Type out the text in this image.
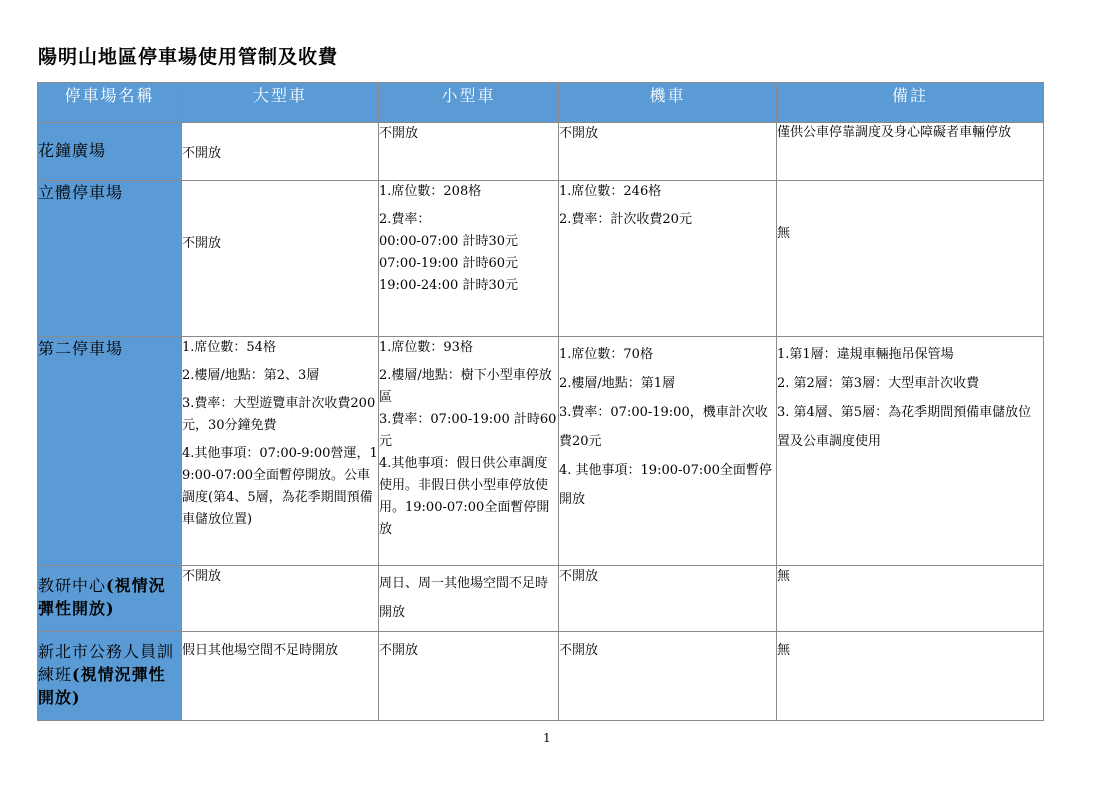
陽明山地區停車場使用管制及收費
停車場名稱	大型車	小型車	機車	備註
花鐘廣場	不開放	不開放	不開放	僅供公車停靠調度及身心障礙者車輛停放

立體停車場	不開放	1.席位數：208格
2.費率：
00:00-07:00 計時30元
07:00-19:00 計時60元
19:00-24:00 計時30元	1.席位數：246格
2.費率：計次收費20元	無

第二停車場	1.席位數：54格
2.樓層/地點：第2、3層
3.費率：大型遊覽車計次收費200元，30分鐘免費
4.其他事項：07:00-9:00營運，19:00-07:00全面暫停開放。公車調度(第4、5層，為花季期間預備車儲放位置)	1.席位數：93格
2.樓層/地點：樹下小型車停放區
3.費率：07:00-19:00 計時60元
4.其他事項：假日供公車調度使用。非假日供小型車停放使用。19:00-07:00全面暫停開放	1.席位數：70格
2.樓層/地點：第1層
3.費率：07:00-19:00，機車計次收費20元
4. 其他事項：19:00-07:00全面暫停開放	1.第1層：違規車輛拖吊保管場
2. 第2層：第3層：大型車計次收費
3. 第4層、第5層：為花季期間預備車儲放位置及公車調度使用

教研中心(視情況彈性開放)	不開放	周日、周一其他場空間不足時開放	不開放	無

新北市公務人員訓練班(視情況彈性開放)	假日其他場空間不足時開放	不開放	不開放	無
1
